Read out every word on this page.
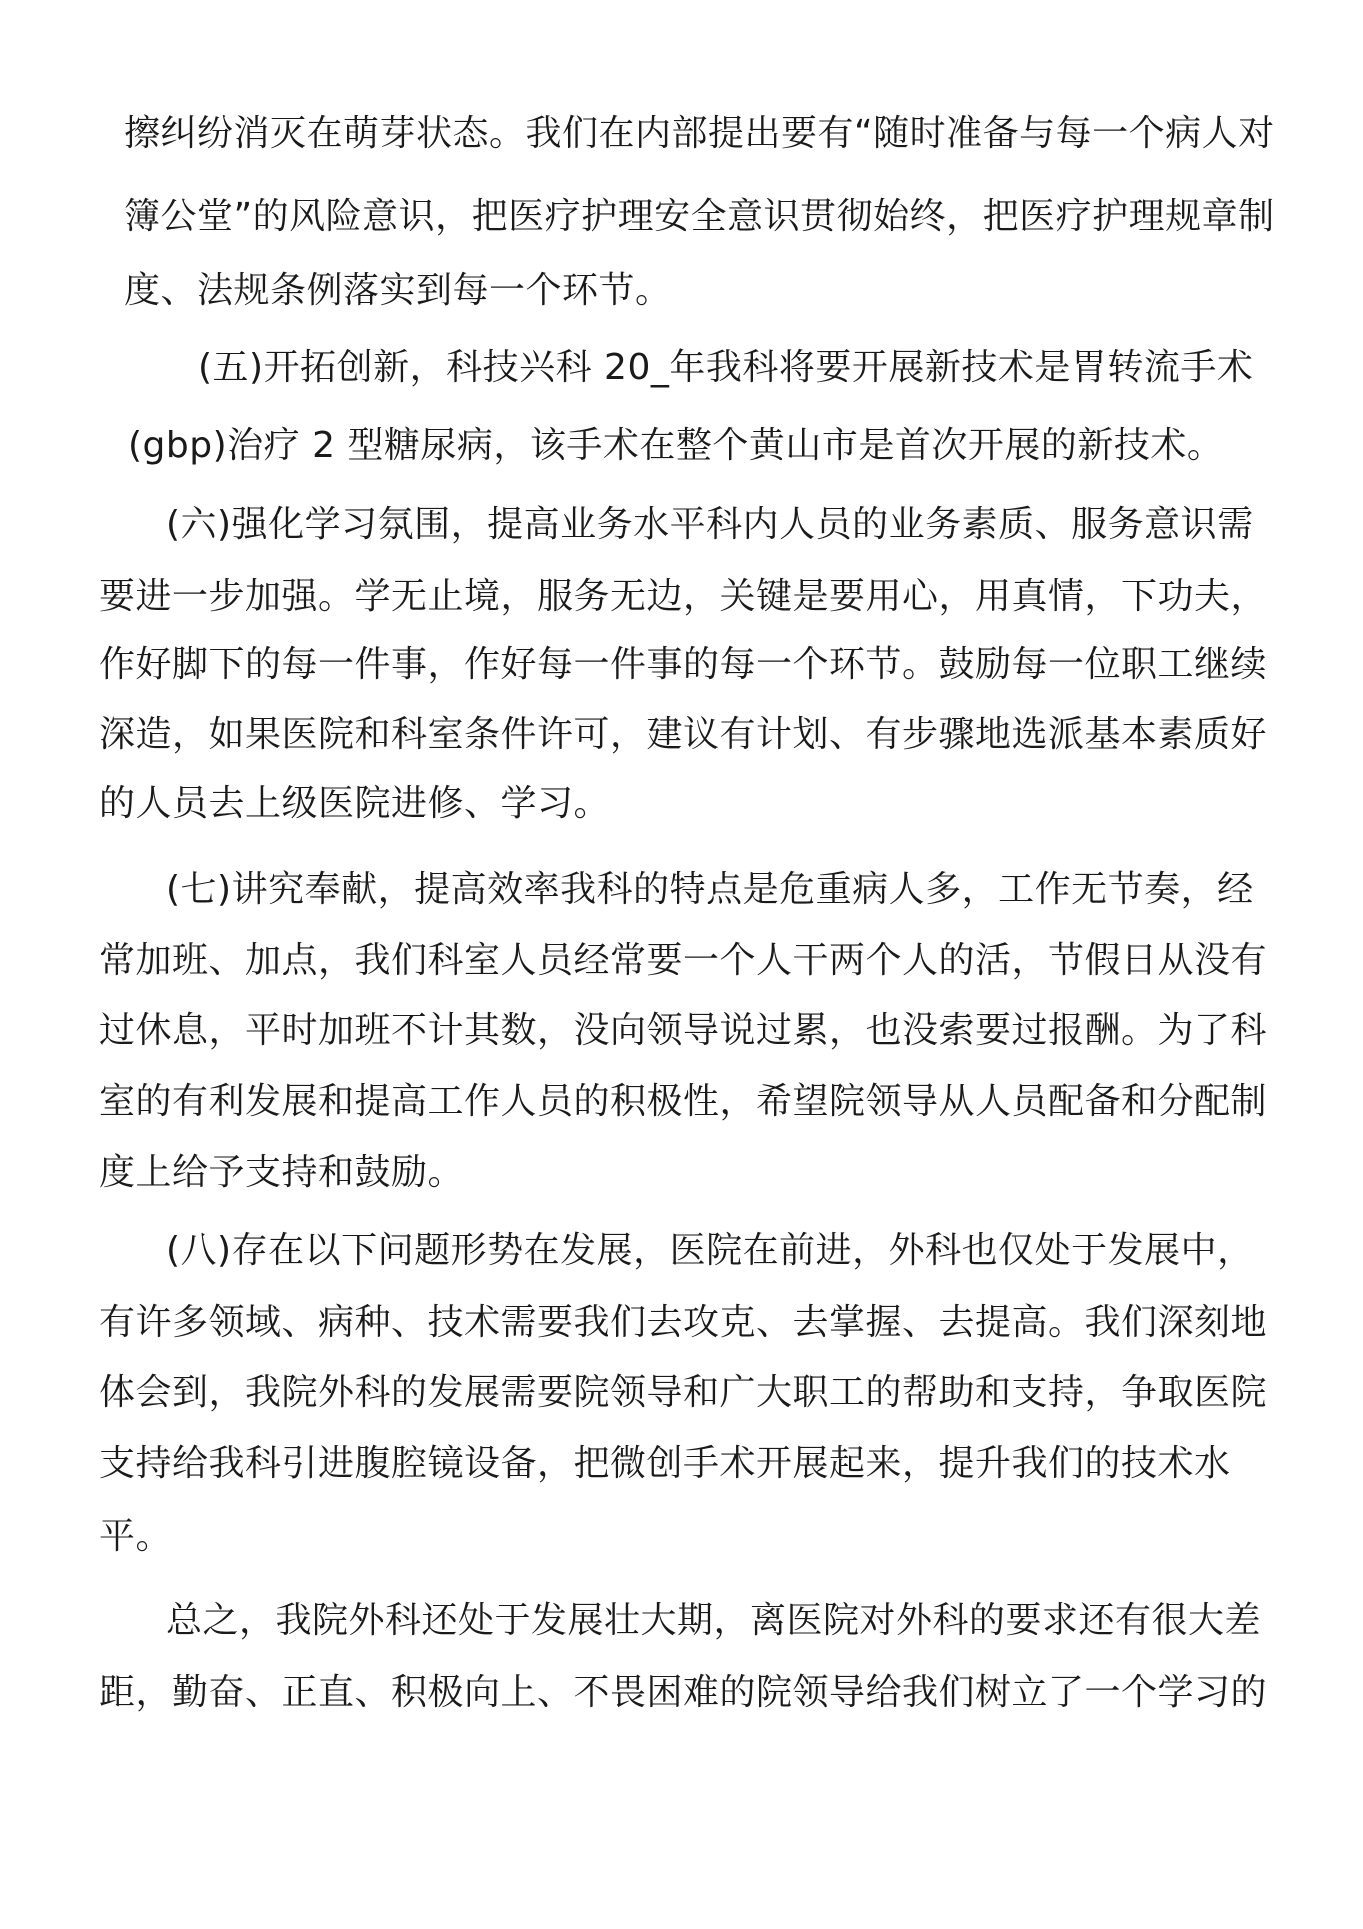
擦纠纷消灭在萌芽状态。我们在内部提出要有“随时准备与每一个病人对
簿公堂”的风险意识，把医疗护理安全意识贯彻始终，把医疗护理规章制
度、法规条例落实到每一个环节。
(五)开拓创新，科技兴科 20_年我科将要开展新技术是胃转流手术
(gbp)治疗 2 型糖尿病，该手术在整个黄山市是首次开展的新技术。
(六)强化学习氛围，提高业务水平科内人员的业务素质、服务意识需
要进一步加强。学无止境，服务无边，关键是要用心，用真情，下功夫，
作好脚下的每一件事，作好每一件事的每一个环节。鼓励每一位职工继续
深造，如果医院和科室条件许可，建议有计划、有步骤地选派基本素质好
的人员去上级医院进修、学习。
(七)讲究奉献，提高效率我科的特点是危重病人多，工作无节奏，经
常加班、加点，我们科室人员经常要一个人干两个人的活，节假日从没有
过休息，平时加班不计其数，没向领导说过累，也没索要过报酬。为了科
室的有利发展和提高工作人员的积极性，希望院领导从人员配备和分配制
度上给予支持和鼓励。
(八)存在以下问题形势在发展，医院在前进，外科也仅处于发展中，
有许多领域、病种、技术需要我们去攻克、去掌握、去提高。我们深刻地
体会到，我院外科的发展需要院领导和广大职工的帮助和支持，争取医院
支持给我科引进腹腔镜设备，把微创手术开展起来，提升我们的技术水
平。
总之，我院外科还处于发展壮大期，离医院对外科的要求还有很大差
距，勤奋、正直、积极向上、不畏困难的院领导给我们树立了一个学习的
